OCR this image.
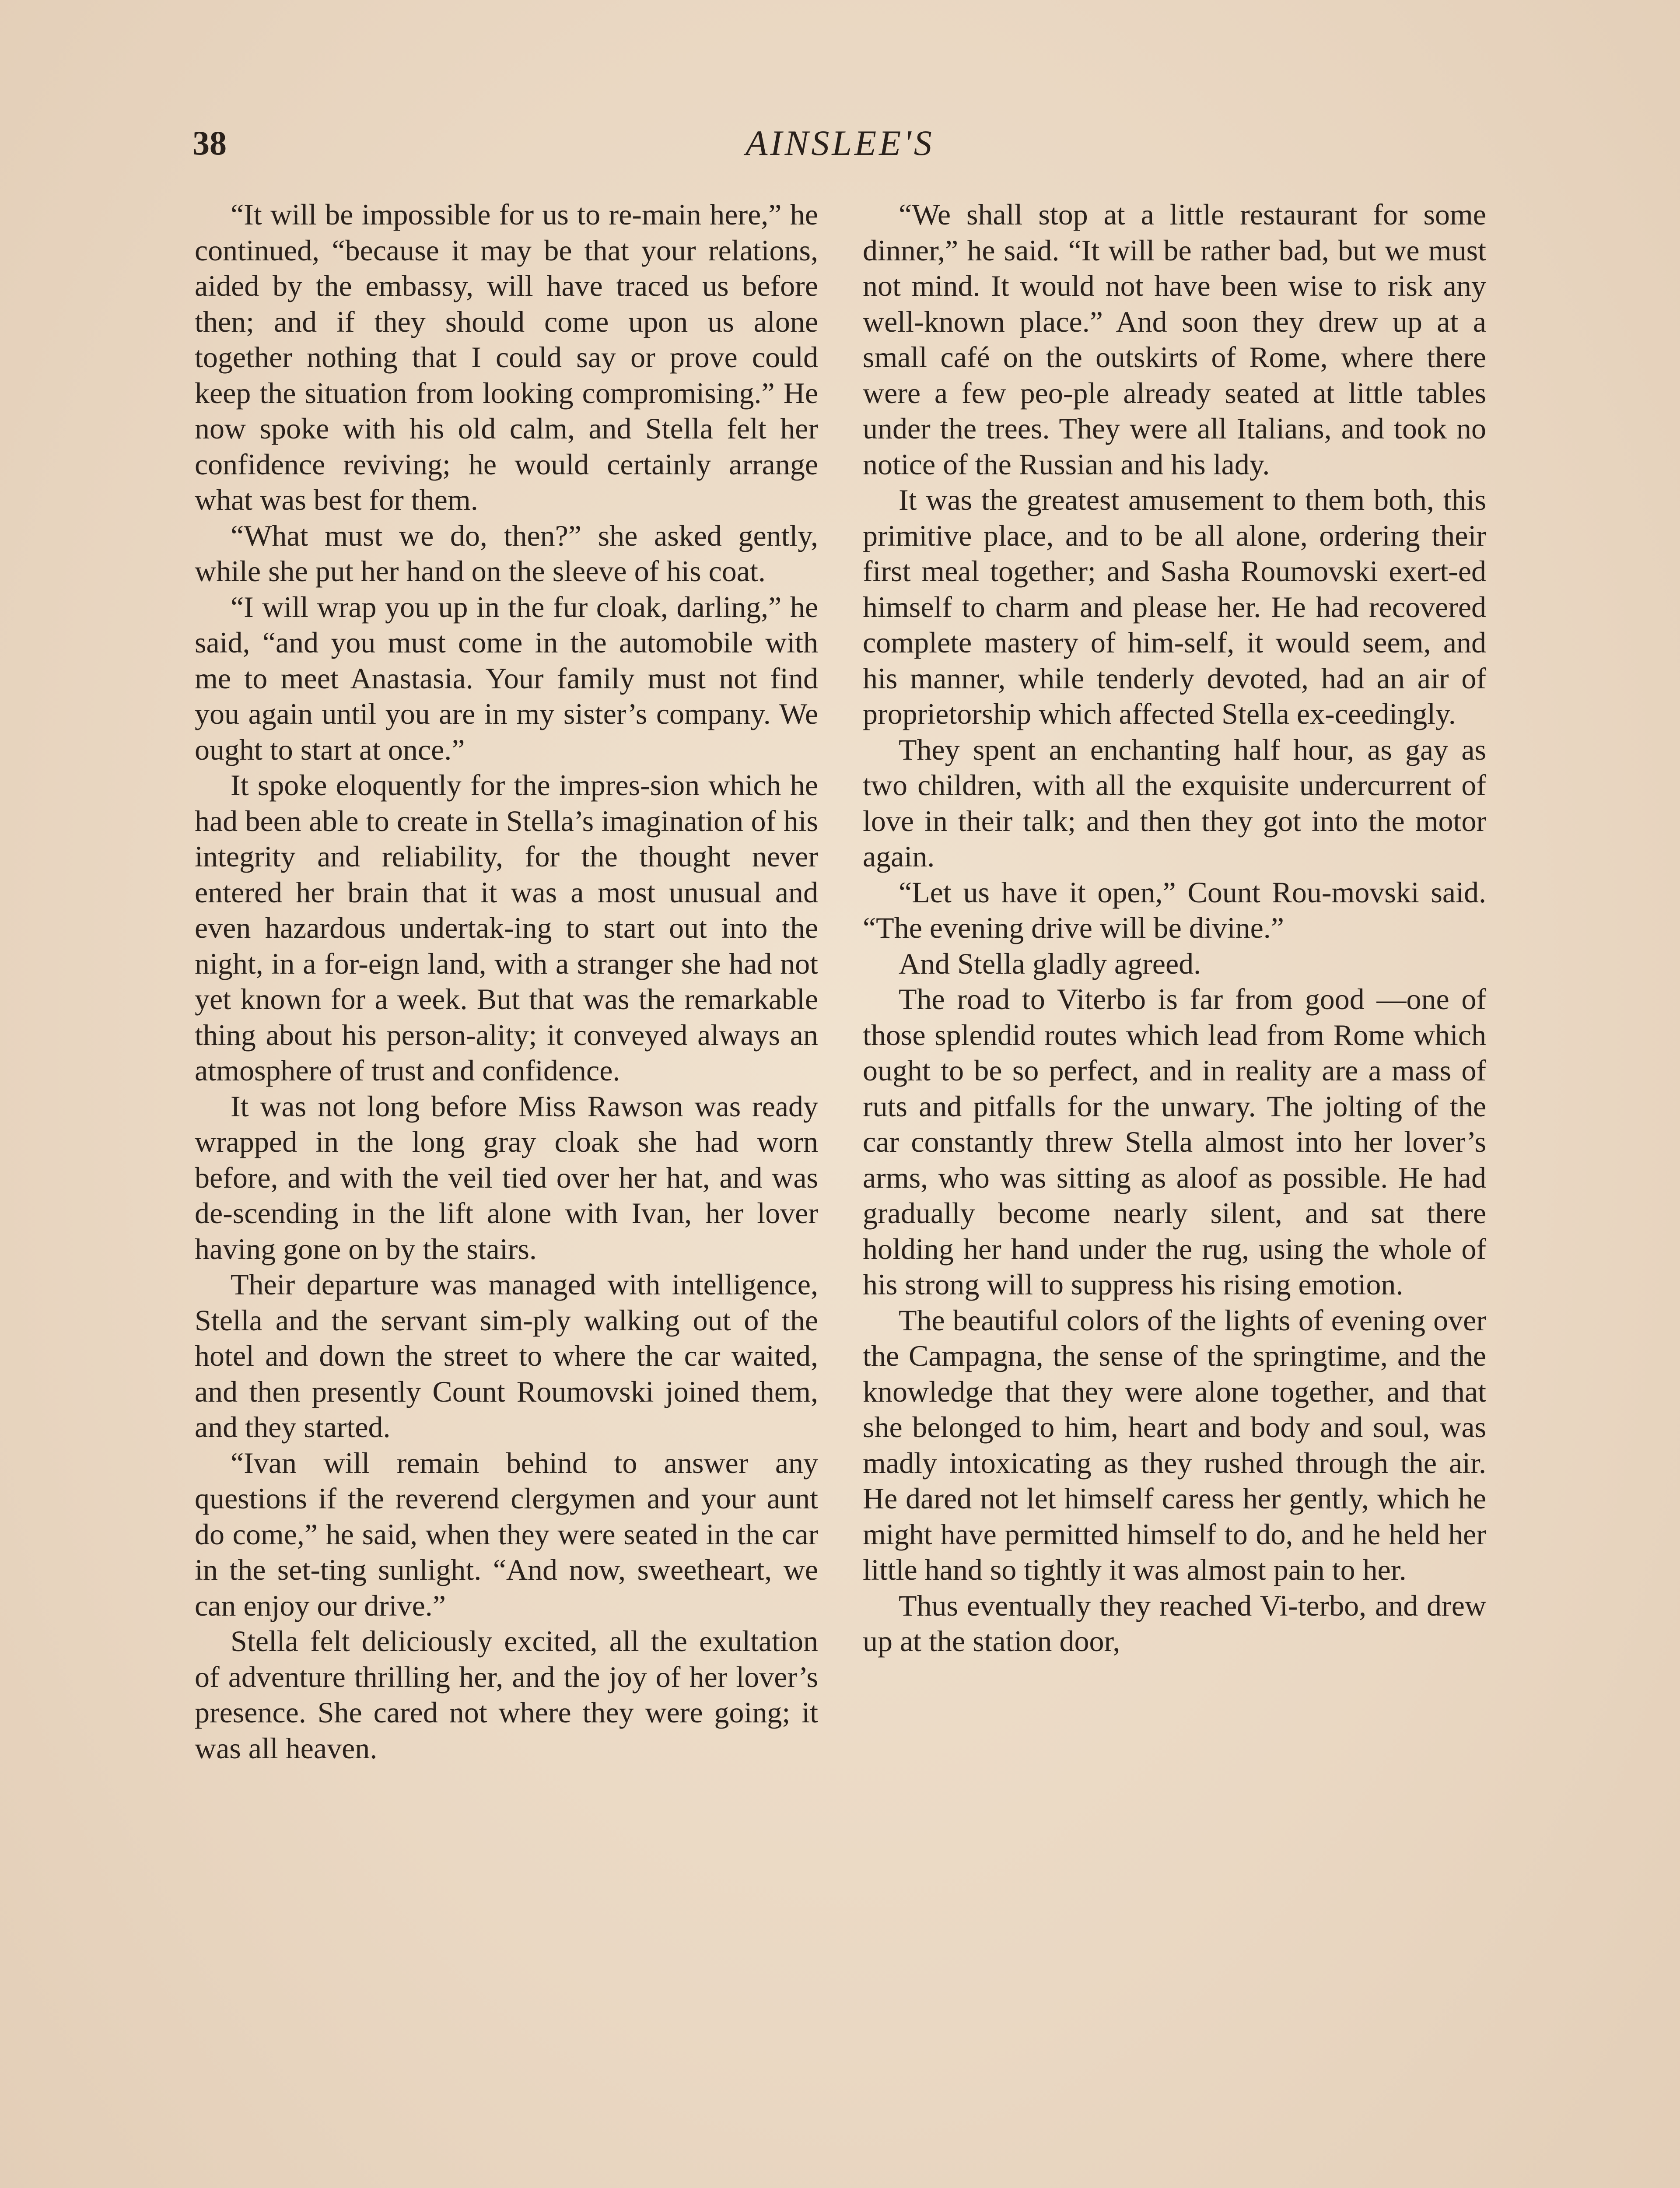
38	AINSLEE'S

“It will be impossible for us to re-main here,” he continued, “because it may be that your relations, aided by the embassy, will have traced us before then; and if they should come upon us alone together nothing that I could say or prove could keep the situation from looking compromising.” He now spoke with his old calm, and Stella felt her confidence reviving; he would certainly arrange what was best for them.

“What must we do, then?” she asked gently, while she put her hand on the sleeve of his coat.

“I will wrap you up in the fur cloak, darling,” he said, “and you must come in the automobile with me to meet Anastasia. Your family must not find you again until you are in my sister’s company. We ought to start at once.”

It spoke eloquently for the impres-sion which he had been able to create in Stella’s imagination of his integrity and reliability, for the thought never entered her brain that it was a most unusual and even hazardous undertak-ing to start out into the night, in a for-eign land, with a stranger she had not yet known for a week. But that was the remarkable thing about his person-ality; it conveyed always an atmosphere of trust and confidence.

It was not long before Miss Rawson was ready wrapped in the long gray cloak she had worn before, and with the veil tied over her hat, and was de-scending in the lift alone with Ivan, her lover having gone on by the stairs.

Their departure was managed with intelligence, Stella and the servant sim-ply walking out of the hotel and down the street to where the car waited, and then presently Count Roumovski joined them, and they started.

“Ivan will remain behind to answer any questions if the reverend clergymen and your aunt do come,” he said, when they were seated in the car in the set-ting sunlight. “And now, sweetheart, we can enjoy our drive.”

Stella felt deliciously excited, all the exultation of adventure thrilling her, and the joy of her lover’s presence. She cared not where they were going; it was all heaven.

“We shall stop at a little restaurant for some dinner,” he said. “It will be rather bad, but we must not mind. It would not have been wise to risk any well-known place.” And soon they drew up at a small café on the outskirts of Rome, where there were a few peo-ple already seated at little tables under the trees. They were all Italians, and took no notice of the Russian and his lady.

It was the greatest amusement to them both, this primitive place, and to be all alone, ordering their first meal together; and Sasha Roumovski exert-ed himself to charm and please her. He had recovered complete mastery of him-self, it would seem, and his manner, while tenderly devoted, had an air of proprietorship which affected Stella ex-ceedingly.

They spent an enchanting half hour, as gay as two children, with all the exquisite undercurrent of love in their talk; and then they got into the motor again.

“Let us have it open,” Count Rou-movski said. “The evening drive will be divine.”

And Stella gladly agreed.

The road to Viterbo is far from good —one of those splendid routes which lead from Rome which ought to be so perfect, and in reality are a mass of ruts and pitfalls for the unwary. The jolting of the car constantly threw Stella almost into her lover’s arms, who was sitting as aloof as possible. He had gradually become nearly silent, and sat there holding her hand under the rug, using the whole of his strong will to suppress his rising emotion.

The beautiful colors of the lights of evening over the Campagna, the sense of the springtime, and the knowledge that they were alone together, and that she belonged to him, heart and body and soul, was madly intoxicating as they rushed through the air. He dared not let himself caress her gently, which he might have permitted himself to do, and he held her little hand so tightly it was almost pain to her.

Thus eventually they reached Vi-terbo, and drew up at the station door,
